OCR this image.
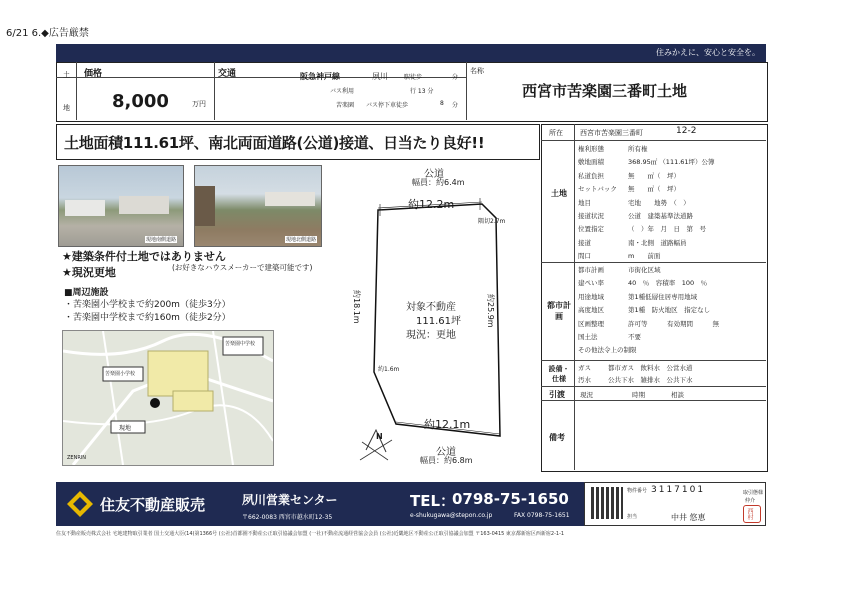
6/21 6.◆広告厳禁
住みかえに、安心と安全を。
土
地
価格
8,000	万円
交通	阪急神戸線	夙川	駅徒歩	分
バス利用	行 13 分
苦楽園 バス停下車徒歩	8 分
名称
西宮市苦楽園三番町土地
土地面積111.61坪、南北両面道路(公道)接道、日当たり良好!!
現地南側道路	現地北側道路
★建築条件付土地ではありません
(お好きなハウスメーカーで建築可能です)
★現況更地
■周辺施設
・苦楽園小学校まで約200m（徒歩3分）
・苦楽園中学校まで約160m（徒歩2分）
苦楽園中学校
苦楽園小学校
現地
ZENRIN
公道
幅員：約6.4m
約12.2m
隅切2.7m
約18.1m	約25.9m
約1.6m
対象不動産
111.61坪
現況：更地
約12.1m
公道
幅員：約6.8m
N
所在 西宮市苦楽園三番町	12-2
土地
権利形態	所有権
敷地面積	368.95㎡ （111.61坪）公簿
私道負担	無　　㎡（　坪）
セットバック 無　　㎡（　坪）
地目	宅地　　地勢　（　）
接道状況	公道　建築基準法道路
位置指定	（　）年　月　日　第　号
接道	南・北側　道路幅員
間口	m　　前面
都市計画
都市計画	市街化区域
建ぺい率	40　％　容積率　100　％
用途地域	第1種低層住居専用地域
高度地区	第1種　防火地区　指定なし
区画整理	許可等　　　有効期間　　　無
国土法	不要
その他法令上の制限
設備・仕様
ガス	都市ガス　飲料水　公営水道
汚水	公共下水　雑排水　公共下水
引渡 現況　　　　　　時期　　　　相談
備考
住友不動産販売	夙川営業センター
〒662-0083 西宮市越水町12-35
TEL：
0798-75-1650
e-shukugawa@stepon.co.jp	FAX 0798-75-1651
物件番号 3117101
担当	中井 悠恵
取引態様
仲介
西村
住友不動産販売株式会社 宅地建物取引業者 国土交通大臣(14)第1366号 (公社)首都圏不動産公正取引協議会加盟 (一社)不動産流通経営協会会員 (公社)近畿地区不動産公正取引協議会加盟 〒163-0415 東京都新宿区西新宿2-1-1
